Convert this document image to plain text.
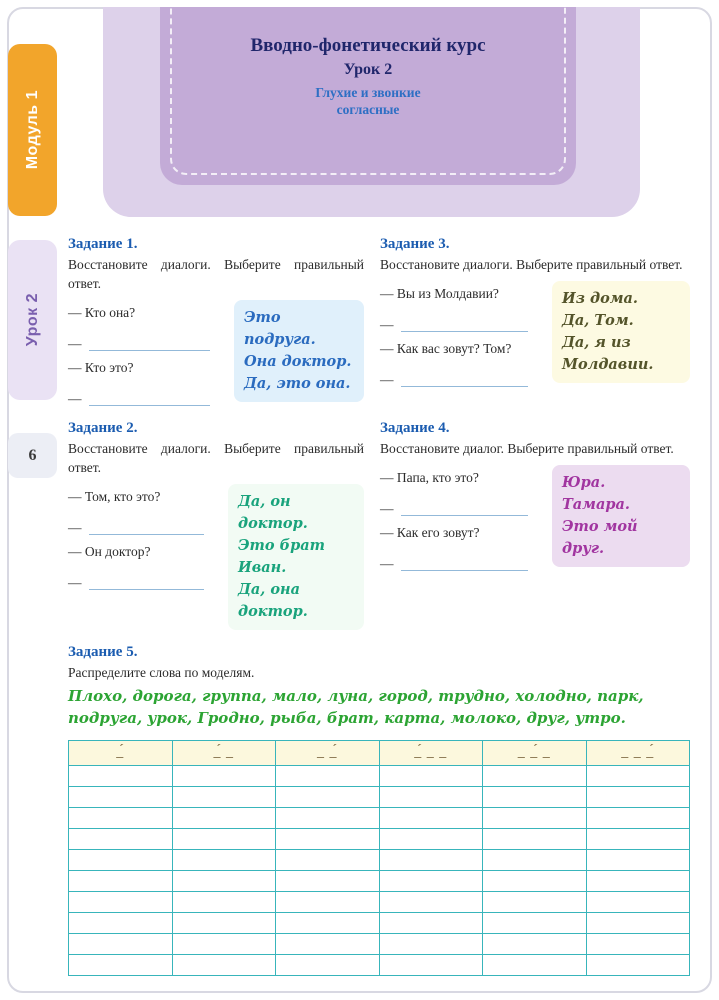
Вводно-фонетический курс
Урок 2
Глухие и звонкие согласные
Модуль 1
Урок 2
6
Задание 1.

Восстановите диалоги. Выберите правильный ответ.

— Кто она?
—
— Кто это?
—
Это подруга.
Она доктор.
Да, это она.
Задание 3.

Восстановите диалоги. Выберите правильный ответ.

— Вы из Молдавии?
—
— Как вас зовут? Том?
—
Из дома.
Да, Том.
Да, я из Молдавии.
Задание 2.

Восстановите диалоги. Выберите правильный ответ.

— Том, кто это?
—
— Он доктор?
—
Да, он доктор.
Это брат Иван.
Да, она доктор.
Задание 4.

Восстановите диалог. Выберите правильный ответ.

— Папа, кто это?
—
— Как его зовут?
—
Юра.
Тамара.
Это мой друг.
Задание 5.

Распределите слова по моделям.

Плохо, дорога, группа, мало, луна, город, трудно, холодно, парк, подруга, урок, Гродно, рыба, брат, карта, молоко, друг, утро.

_́	_́ _	_ _́	_́ _ _	_ _́ _	_ _ _́
